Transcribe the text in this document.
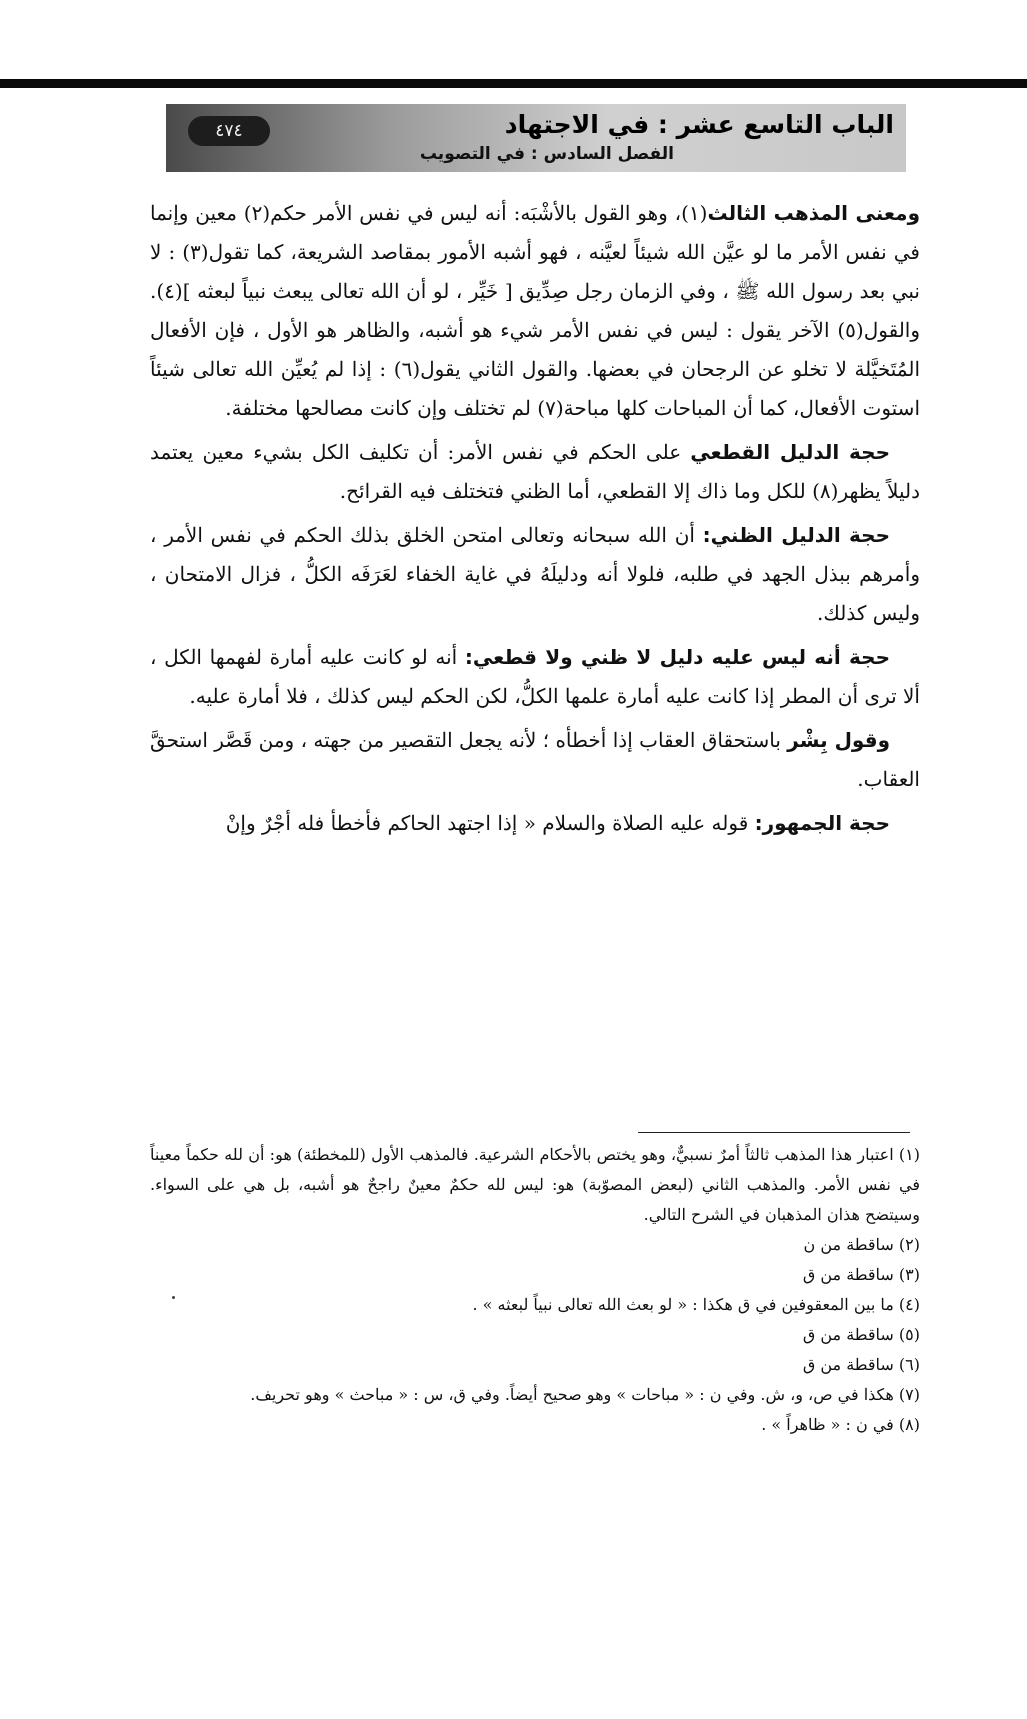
الباب التاسع عشر : في الاجتهاد
الفصل السادس : في التصويب
٤٧٤

ومعنى المذهب الثالث(١)، وهو القول بالأشْبَه: أنه ليس في نفس الأمر حكم(٢) معين وإنما في نفس الأمر ما لو عيَّن الله شيئاً لعيَّنه ، فهو أشبه الأمور بمقاصد الشريعة، كما تقول(٣) : لا نبي بعد رسول الله ﷺ ، وفي الزمان رجل صِدِّيق [ خَيِّر ، لو أن الله تعالى يبعث نبياً لبعثه ](٤). والقول(٥) الآخر يقول : ليس في نفس الأمر شيء هو أشبه، والظاهر هو الأول ، فإن الأفعال المُتَخيَّلة لا تخلو عن الرجحان في بعضها. والقول الثاني يقول(٦) : إذا لم يُعيِّن الله تعالى شيئاً استوت الأفعال، كما أن المباحات كلها مباحة(٧) لم تختلف وإن كانت مصالحها مختلفة.

حجة الدليل القطعي على الحكم في نفس الأمر: أن تكليف الكل بشيء معين يعتمد دليلاً يظهر(٨) للكل وما ذاك إلا القطعي، أما الظني فتختلف فيه القرائح.

حجة الدليل الظني: أن الله سبحانه وتعالى امتحن الخلق بذلك الحكم في نفس الأمر ، وأمرهم ببذل الجهد في طلبه، فلولا أنه ودليلَهُ في غاية الخفاء لعَرَفَه الكلُّ ، فزال الامتحان ، وليس كذلك.

حجة أنه ليس عليه دليل لا ظني ولا قطعي: أنه لو كانت عليه أمارة لفهمها الكل ، ألا ترى أن المطر إذا كانت عليه أمارة علمها الكلُّ، لكن الحكم ليس كذلك ، فلا أمارة عليه.

وقول بِشْر باستحقاق العقاب إذا أخطأه ؛ لأنه يجعل التقصير من جهته ، ومن قَصَّر استحقَّ العقاب.

حجة الجمهور: قوله عليه الصلاة والسلام « إذا اجتهد الحاكم فأخطأ فله أجْرٌ وإنْ

(١) اعتبار هذا المذهب ثالثاً أمرٌ نسبيٌّ، وهو يختص بالأحكام الشرعية. فالمذهب الأول (للمخطئة) هو: أن لله حكماً معيناً في نفس الأمر. والمذهب الثاني (لبعض المصوّبة) هو: ليس لله حكمٌ معينٌ راجحٌ هو أشبه، بل هي على السواء. وسيتضح هذان المذهبان في الشرح التالي.

(٢) ساقطة من ن

(٣) ساقطة من ق

(٤) ما بين المعقوفين في ق هكذا : « لو بعث الله تعالى نبياً لبعثه » .

(٥) ساقطة من ق

(٦) ساقطة من ق

(٧) هكذا في ص، و، ش. وفي ن : « مباحات » وهو صحيح أيضاً. وفي ق، س : « مباحث » وهو تحريف.

(٨) في ن : « ظاهراً » .
